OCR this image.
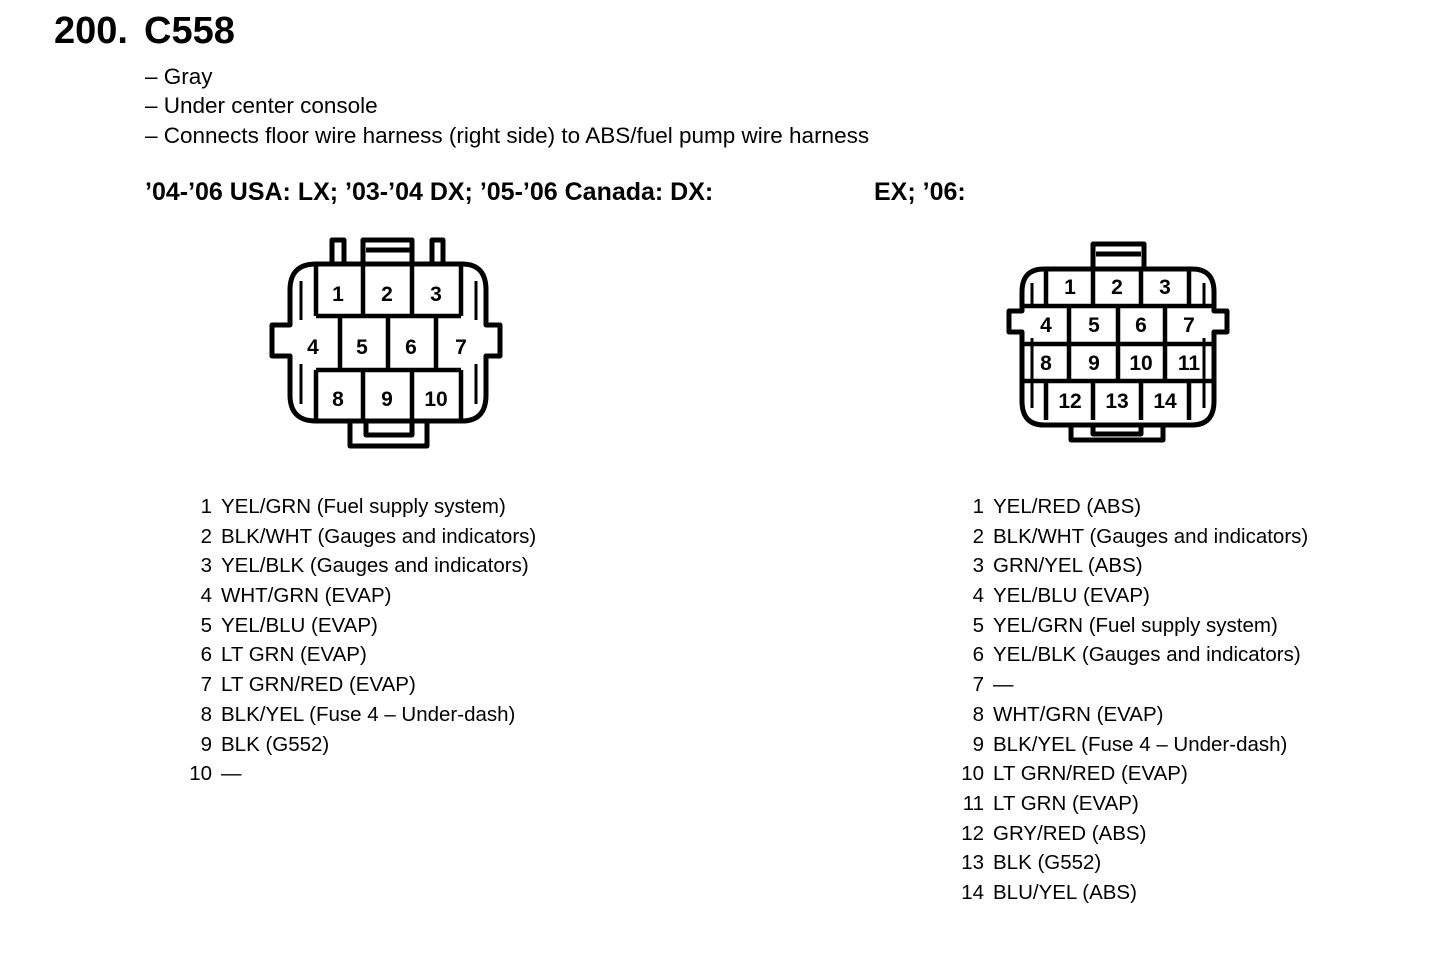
200. C558
– Gray
– Under center console
– Connects floor wire harness (right side) to ABS/fuel pump wire harness
’04-’06 USA: LX; ’03-’04 DX; ’05-’06 Canada: DX:	EX; ’06:
1 2 3
4 5 6 7
8 9 10
1 2 3
4 5 6 7
8 9 10 11
12 13 14
1 YEL/GRN (Fuel supply system)
2 BLK/WHT (Gauges and indicators)
3 YEL/BLK (Gauges and indicators)
4 WHT/GRN (EVAP)
5 YEL/BLU (EVAP)
6 LT GRN (EVAP)
7 LT GRN/RED (EVAP)
8 BLK/YEL (Fuse 4 – Under-dash)
9 BLK (G552)
10 —
1 YEL/RED (ABS)
2 BLK/WHT (Gauges and indicators)
3 GRN/YEL (ABS)
4 YEL/BLU (EVAP)
5 YEL/GRN (Fuel supply system)
6 YEL/BLK (Gauges and indicators)
7 —
8 WHT/GRN (EVAP)
9 BLK/YEL (Fuse 4 – Under-dash)
10 LT GRN/RED (EVAP)
11 LT GRN (EVAP)
12 GRY/RED (ABS)
13 BLK (G552)
14 BLU/YEL (ABS)
